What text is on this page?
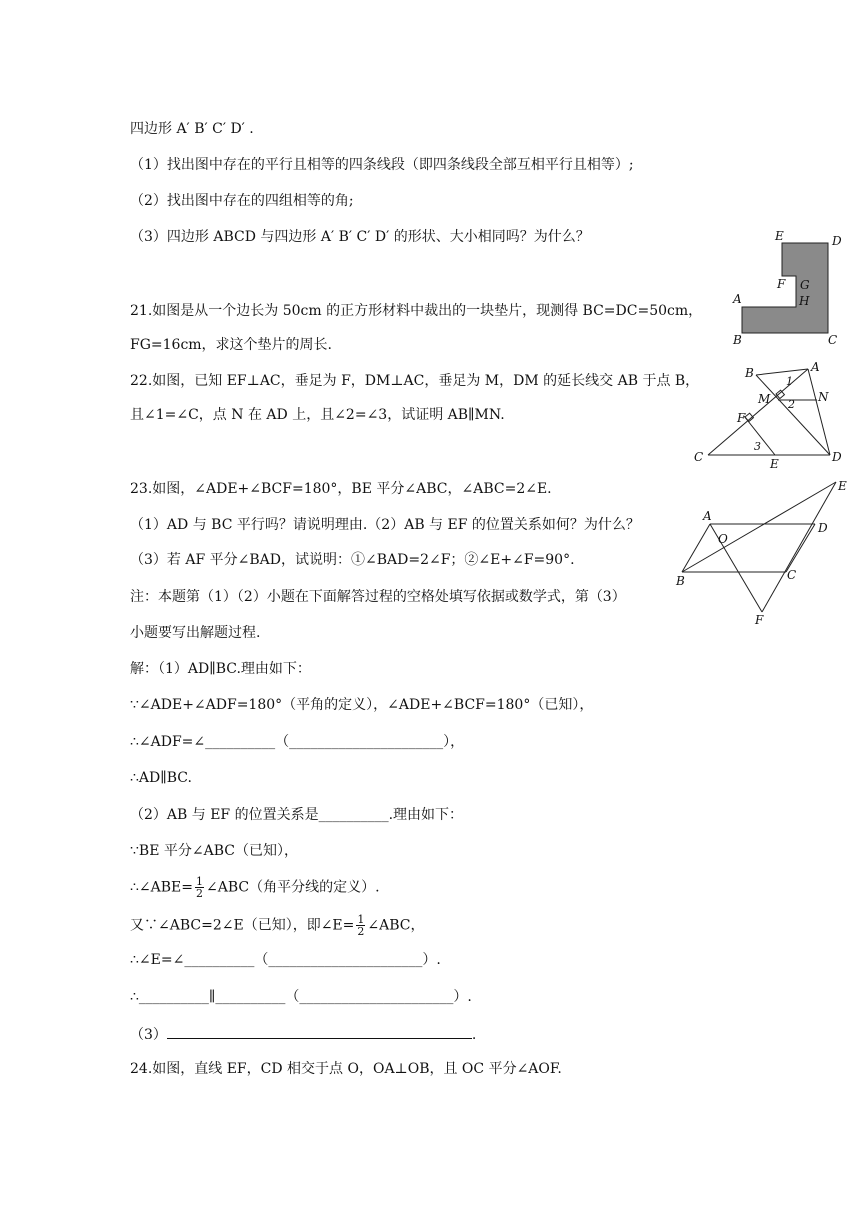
四边形 A′ B′ C′ D′ .
（1）找出图中存在的平行且相等的四条线段（即四条线段全部互相平行且相等）;
（2）找出图中存在的四组相等的角;
（3）四边形 ABCD 与四边形 A′ B′ C′ D′ 的形状、大小相同吗？为什么？
21.如图是从一个边长为 50cm 的正方形材料中裁出的一块垫片，现测得 BC=DC=50cm，
FG=16cm，求这个垫片的周长.
22.如图，已知 EF⊥AC，垂足为 F，DM⊥AC，垂足为 M，DM 的延长线交 AB 于点 B，
且∠1=∠C，点 N 在 AD 上，且∠2=∠3，试证明 AB∥MN.
23.如图，∠ADE+∠BCF=180°，BE 平分∠ABC，∠ABC=2∠E.
（1）AD 与 BC 平行吗？请说明理由.（2）AB 与 EF 的位置关系如何？为什么？
（3）若 AF 平分∠BAD，试说明：①∠BAD=2∠F；②∠E+∠F=90°.
注：本题第（1）（2）小题在下面解答过程的空格处填写依据或数学式，第（3）
小题要写出解题过程.
解：（1）AD∥BC.理由如下：
∵∠ADE+∠ADF=180°（平角的定义），∠ADE+∠BCF=180°（已知），
∴∠ADF=∠__________（______________________），
∴AD∥BC.
（2）AB 与 EF 的位置关系是__________.理由如下：
∵BE 平分∠ABC（已知），
∴∠ABE= $\frac{1}{2}$ ∠ABC（角平分线的定义）.
又∵∠ABC=2∠E（已知），即∠E= $\frac{1}{2}$ ∠ABC，
∴∠E=∠__________（______________________）.
∴__________∥__________（______________________）.
（3）	.
24.如图，直线 EF，CD 相交于点 O，OA⊥OB，且 OC 平分∠AOF.
E	D
F G
H
A
B	C
B	A
1
M 2
N
F
3
C	E	D
E
A
D
O
B	C
F
